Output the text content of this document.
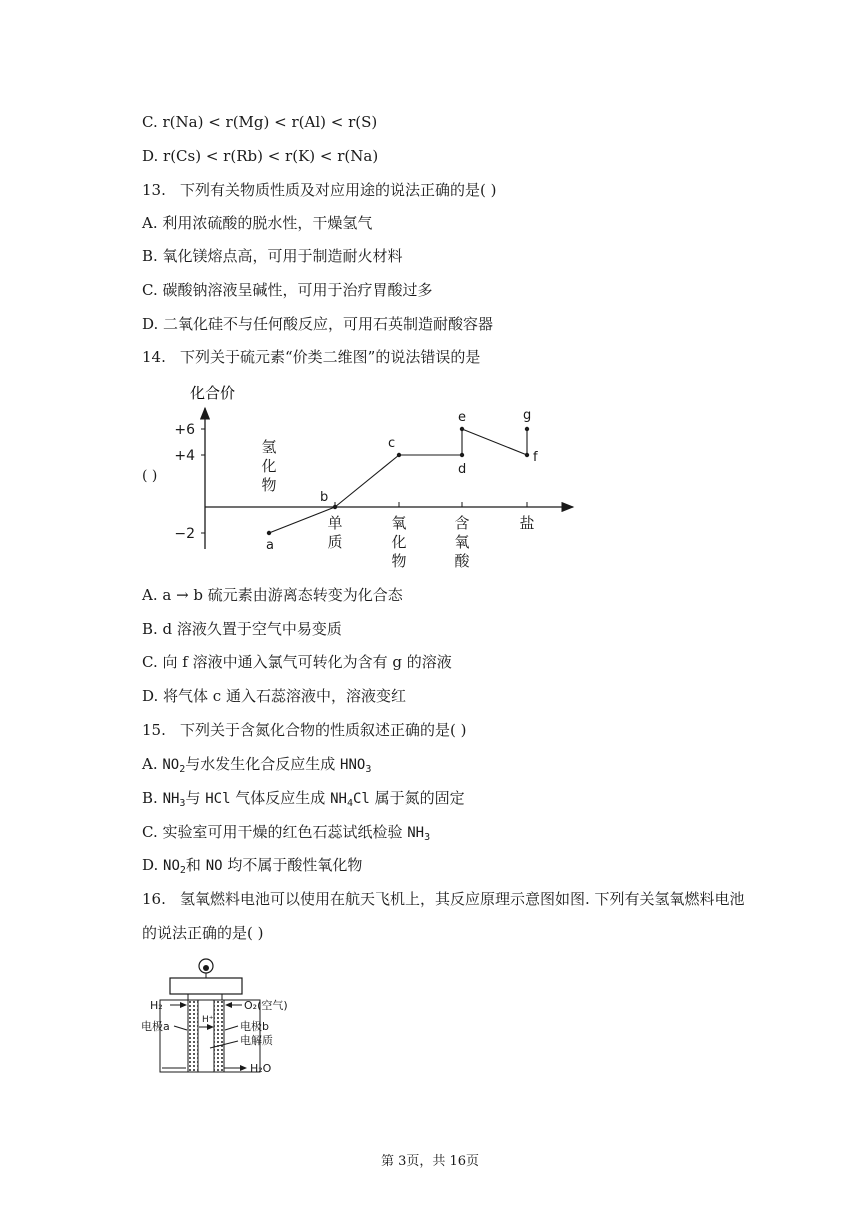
C. r(Na) < r(Mg) < r(Al) < r(S)
D. r(Cs) < r(Rb) < r(K) < r(Na)
13. 下列有关物质性质及对应用途的说法正确的是( )
A. 利用浓硫酸的脱水性，干燥氢气
B. 氧化镁熔点高，可用于制造耐火材料
C. 碳酸钠溶液呈碱性，可用于治疗胃酸过多
D. 二氧化硅不与任何酸反应，可用石英制造耐酸容器
14. 下列关于硫元素“价类二维图”的说法错误的是
( )
化合价
+6
+4
−2
单质
氧化物
含氧酸
盐
氢化物
a
b
c
d
e
f
g
A. a → b 硫元素由游离态转变为化合态
B. d 溶液久置于空气中易变质
C. 向 f 溶液中通入氯气可转化为含有 g 的溶液
D. 将气体 c 通入石蕊溶液中，溶液变红
15. 下列关于含氮化合物的性质叙述正确的是( )
A. $NO_2$与水发生化合反应生成 $HNO_3$
B. $NH_3$与 HCl 气体反应生成 $NH_4Cl$ 属于氮的固定
C. 实验室可用干燥的红色石蕊试纸检验 $NH_3$
D. $NO_2$和 NO 均不属于酸性氧化物
16. 氢氧燃料电池可以使用在航天飞机上，其反应原理示意图如图. 下列有关氢氧燃料电池
的说法正确的是( )
H₂	O₂(空气)
电极a	H⁺ 电极b
电解质
H₂O
第 3页，共 16页
